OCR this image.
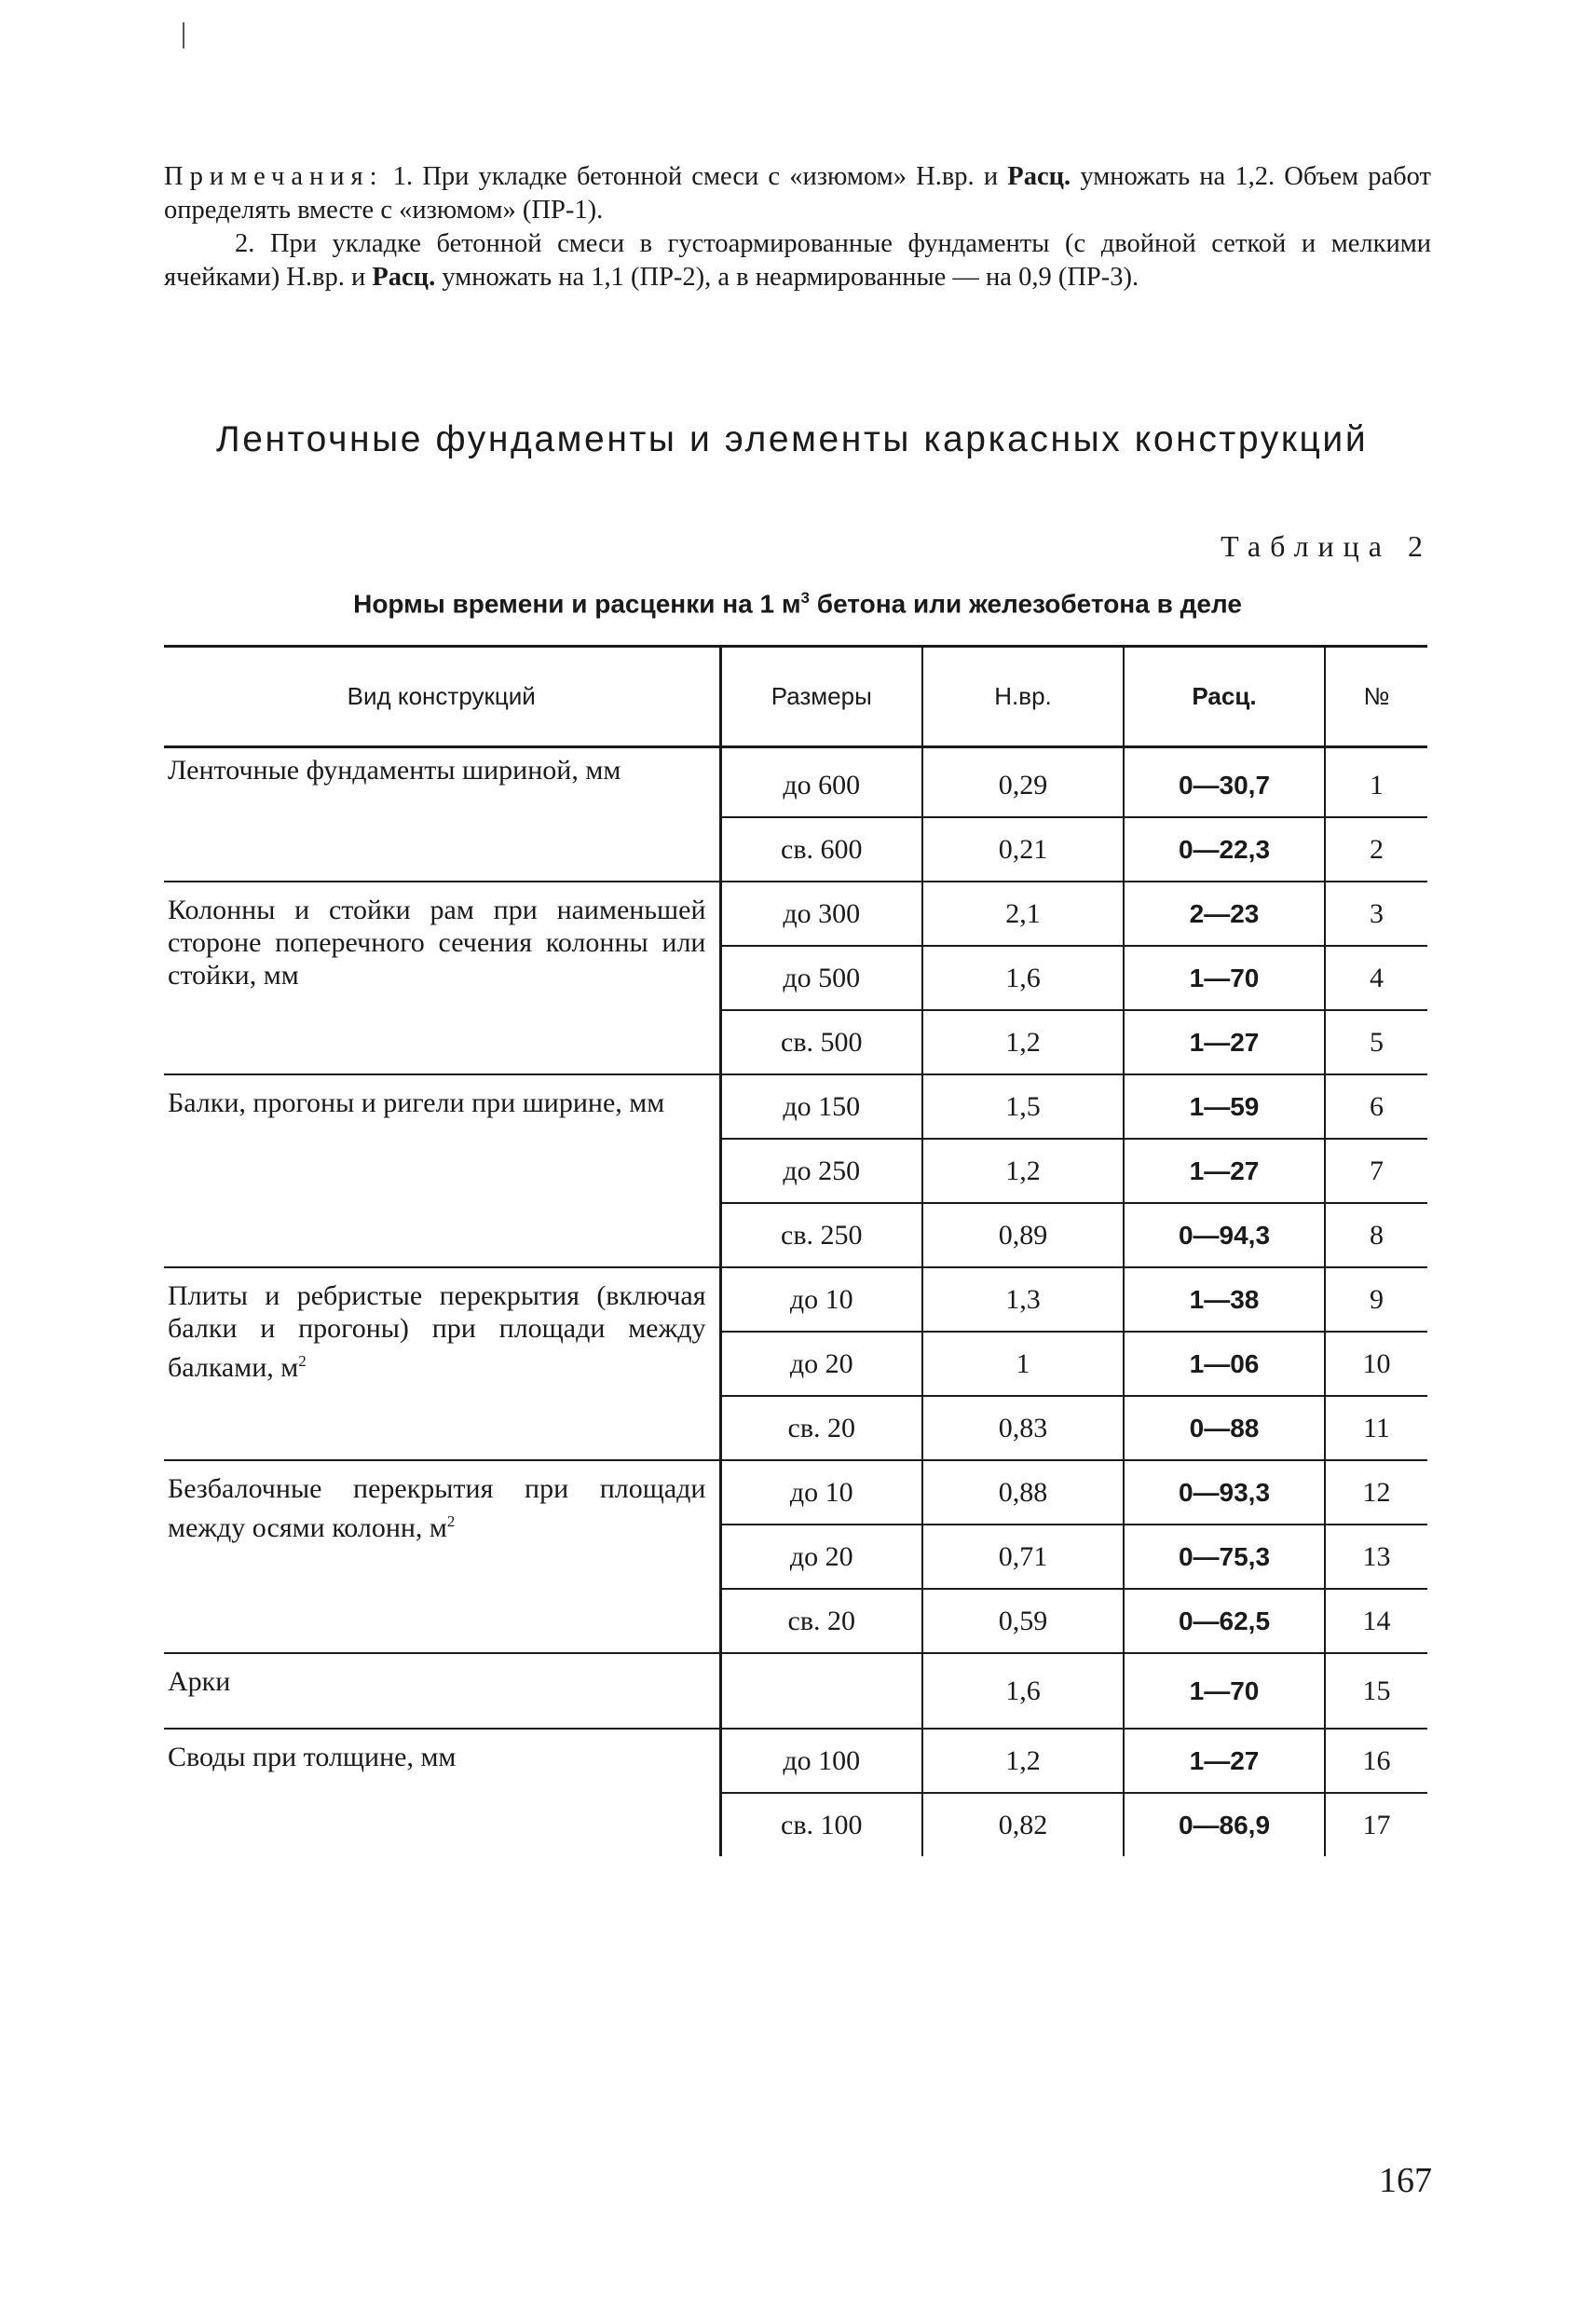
Примечания: 1. При укладке бетонной смеси с «изюмом» Н.вр. и Расц. умножать на 1,2. Объем работ определять вместе с «изюмом» (ПР-1).

2. При укладке бетонной смеси в густоармированные фундаменты (с двойной сеткой и мелкими ячейками) Н.вр. и Расц. умножать на 1,1 (ПР-2), а в неармированные — на 0,9 (ПР-3).

Ленточные фундаменты и элементы каркасных конструкций
Таблица 2
Нормы времени и расценки на 1 $м^3$ бетона или железобетона в деле
Вид конструкций	Размеры	Н.вр.	Расц.	№
Ленточные фундаменты шириной, мм	до 600	0,29	0—30,7	1
	св. 600	0,21	0—22,3	2
Колонны и стойки рам при наименьшей стороне поперечного сечения колонны или стойки, мм	до 300	2,1	2—23	3
	до 500	1,6	1—70	4
	св. 500	1,2	1—27	5
Балки, прогоны и ригели при ширине, мм	до 150	1,5	1—59	6
	до 250	1,2	1—27	7
	св. 250	0,89	0—94,3	8
Плиты и ребристые перекрытия (включая балки и прогоны) при площади между балками, $м^2$	до 10	1,3	1—38	9
	до 20	1	1—06	10
	св. 20	0,83	0—88	11
Безбалочные перекрытия при площади между осями колонн, $м^2$	до 10	0,88	0—93,3	12
	до 20	0,71	0—75,3	13
	св. 20	0,59	0—62,5	14
Арки		1,6	1—70	15
Своды при толщине, мм	до 100	1,2	1—27	16
	св. 100	0,82	0—86,9	17
167
